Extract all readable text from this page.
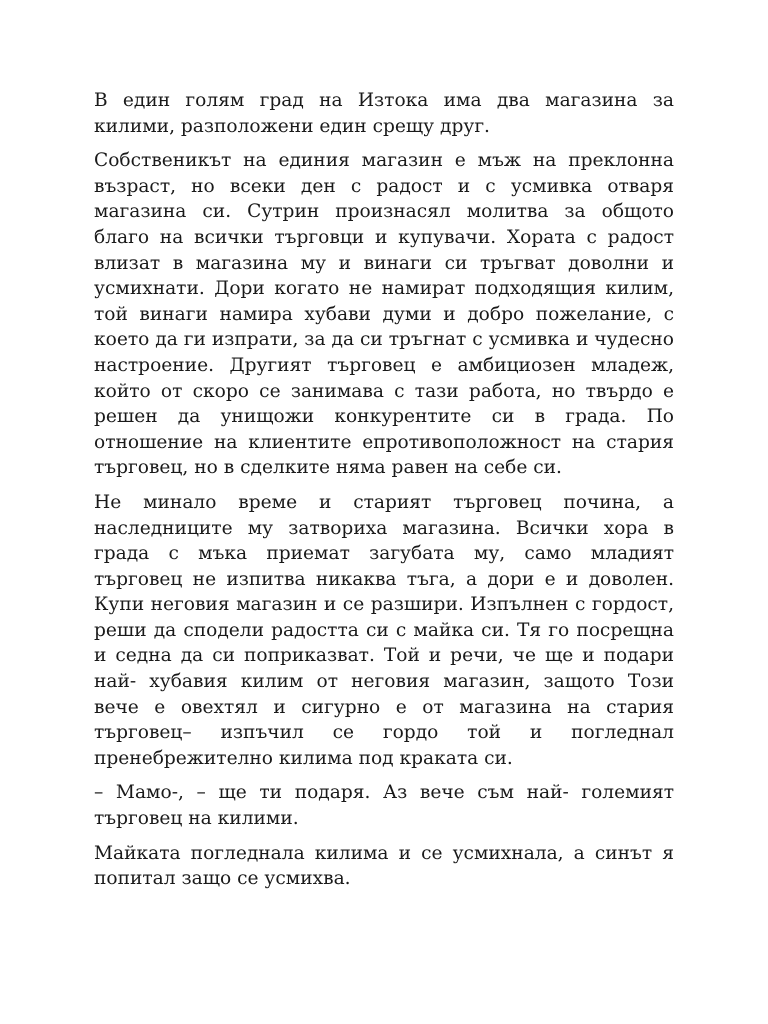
В един голям град на Изтока има два магазина за килими, разположени един срещу друг.

Собственикът на единия магазин е мъж на преклонна възраст, но всеки ден с радост и с усмивка отваря магазина си. Сутрин произнасял молитва за общото благо на всички търговци и купувачи. Хората с радост влизат в магазина му и винаги си тръгват доволни и усмихнати. Дори когато не намират подходящия килим, той винаги намира хубави думи и добро пожелание, с което да ги изпрати, за да си тръгнат с усмивка и чудесно настроение. Другият търговец е амбициозен младеж, който от скоро се занимава с тази работа, но твърдо е решен да унищожи конкурентите си в града. По отношение на клиентите епротивоположност на стария търговец, но в сделките няма равен на себе си.

Не минало време и старият търговец почина, а наследниците му затвориха магазина. Всички хора в града с мъка приемат загубата му, само младият търговец не изпитва никаква тъга, а дори е и доволен. Купи неговия магазин и се разшири. Изпълнен с гордост, реши да сподели радостта си с майка си. Тя го посрещна и седна да си поприказват. Той и речи, че ще и подари най- хубавия килим от неговия магазин, защото Този вече е овехтял и сигурно е от магазина на стария търговец– изпъчил се гордо той и погледнал пренебрежително килима под краката си.

– Мамо-, – ще ти подаря. Аз вече съм най- големият търговец на килими.

Майката погледнала килима и се усмихнала, а синът я попитал защо се усмихва.
